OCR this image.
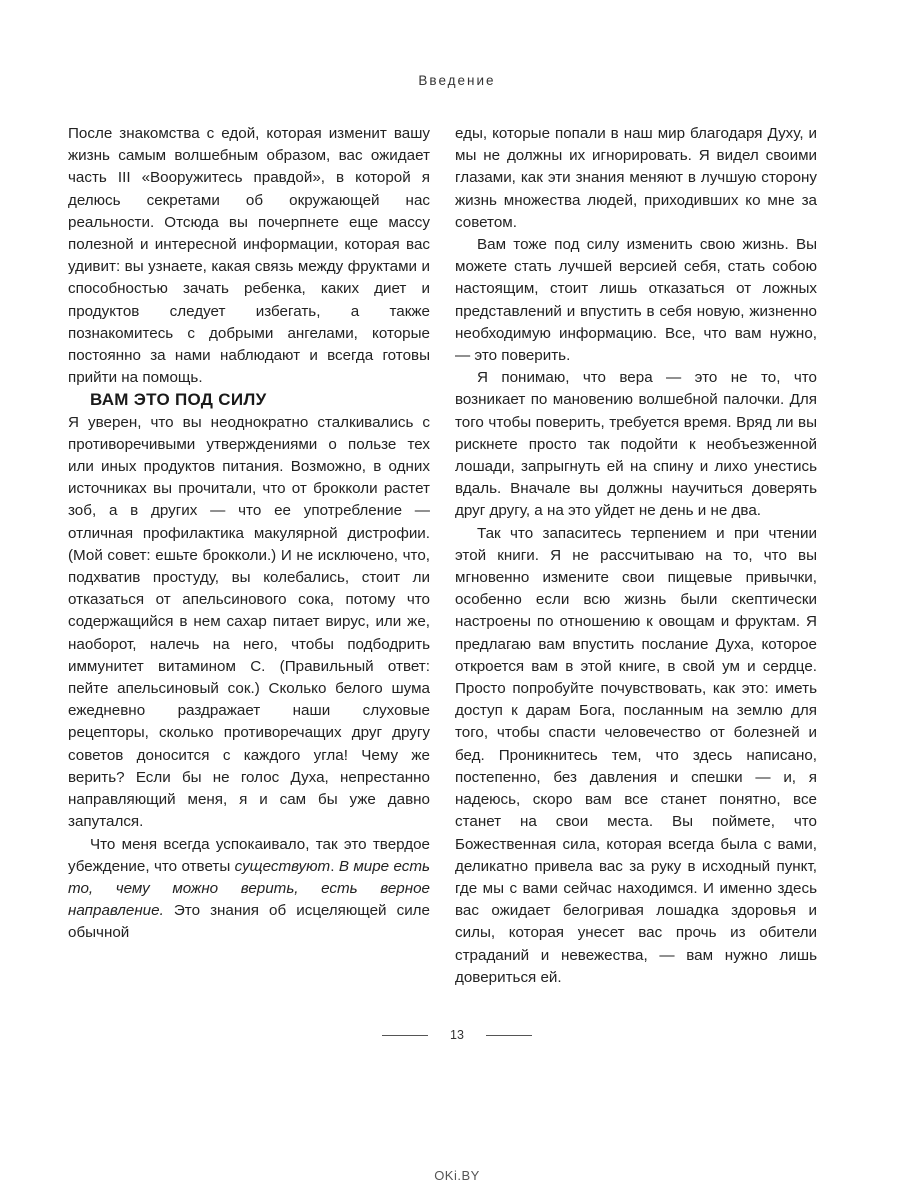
Введение

После знакомства с едой, которая изменит вашу жизнь самым волшебным образом, вас ожидает часть III «Вооружитесь правдой», в которой я делюсь секретами об окружающей нас реальности. Отсюда вы почерпнете еще массу полезной и интересной информации, которая вас удивит: вы узнаете, какая связь между фруктами и способностью зачать ребенка, каких диет и продуктов следует избегать, а также познакомитесь с добрыми ангелами, которые постоянно за нами наблюдают и всегда готовы прийти на помощь.

ВАМ ЭТО ПОД СИЛУ

Я уверен, что вы неоднократно сталкивались с противоречивыми утверждениями о пользе тех или иных продуктов питания. Возможно, в одних источниках вы прочитали, что от брокколи растет зоб, а в других — что ее употребление — отличная профилактика макулярной дистрофии. (Мой совет: ешьте брокколи.) И не исключено, что, подхватив простуду, вы колебались, стоит ли отказаться от апельсинового сока, потому что содержащийся в нем сахар питает вирус, или же, наоборот, налечь на него, чтобы подбодрить иммунитет витамином С. (Правильный ответ: пейте апельсиновый сок.) Сколько белого шума ежедневно раздражает наши слуховые рецепторы, сколько противоречащих друг другу советов доносится с каждого угла! Чему же верить? Если бы не голос Духа, непрестанно направляющий меня, я и сам бы уже давно запутался.

Что меня всегда успокаивало, так это твердое убеждение, что ответы существуют. В мире есть то, чему можно верить, есть верное направление. Это знания об исцеляющей силе обычной

еды, которые попали в наш мир благодаря Духу, и мы не должны их игнорировать. Я видел своими глазами, как эти знания меняют в лучшую сторону жизнь множества людей, приходивших ко мне за советом.

Вам тоже под силу изменить свою жизнь. Вы можете стать лучшей версией себя, стать собою настоящим, стоит лишь отказаться от ложных представлений и впустить в себя новую, жизненно необходимую информацию. Все, что вам нужно, — это поверить.

Я понимаю, что вера — это не то, что возникает по мановению волшебной палочки. Для того чтобы поверить, требуется время. Вряд ли вы рискнете просто так подойти к необъезженной лошади, запрыгнуть ей на спину и лихо унестись вдаль. Вначале вы должны научиться доверять друг другу, а на это уйдет не день и не два.

Так что запаситесь терпением и при чтении этой книги. Я не рассчитываю на то, что вы мгновенно измените свои пищевые привычки, особенно если всю жизнь были скептически настроены по отношению к овощам и фруктам. Я предлагаю вам впустить послание Духа, которое откроется вам в этой книге, в свой ум и сердце. Просто попробуйте почувствовать, как это: иметь доступ к дарам Бога, посланным на землю для того, чтобы спасти человечество от болезней и бед. Проникнитесь тем, что здесь написано, постепенно, без давления и спешки — и, я надеюсь, скоро вам все станет понятно, все станет на свои места. Вы поймете, что Божественная сила, которая всегда была с вами, деликатно привела вас за руку в исходный пункт, где мы с вами сейчас находимся. И именно здесь вас ожидает белогривая лошадка здоровья и силы, которая унесет вас прочь из обители страданий и невежества, — вам нужно лишь довериться ей.

13
OKi.BY
